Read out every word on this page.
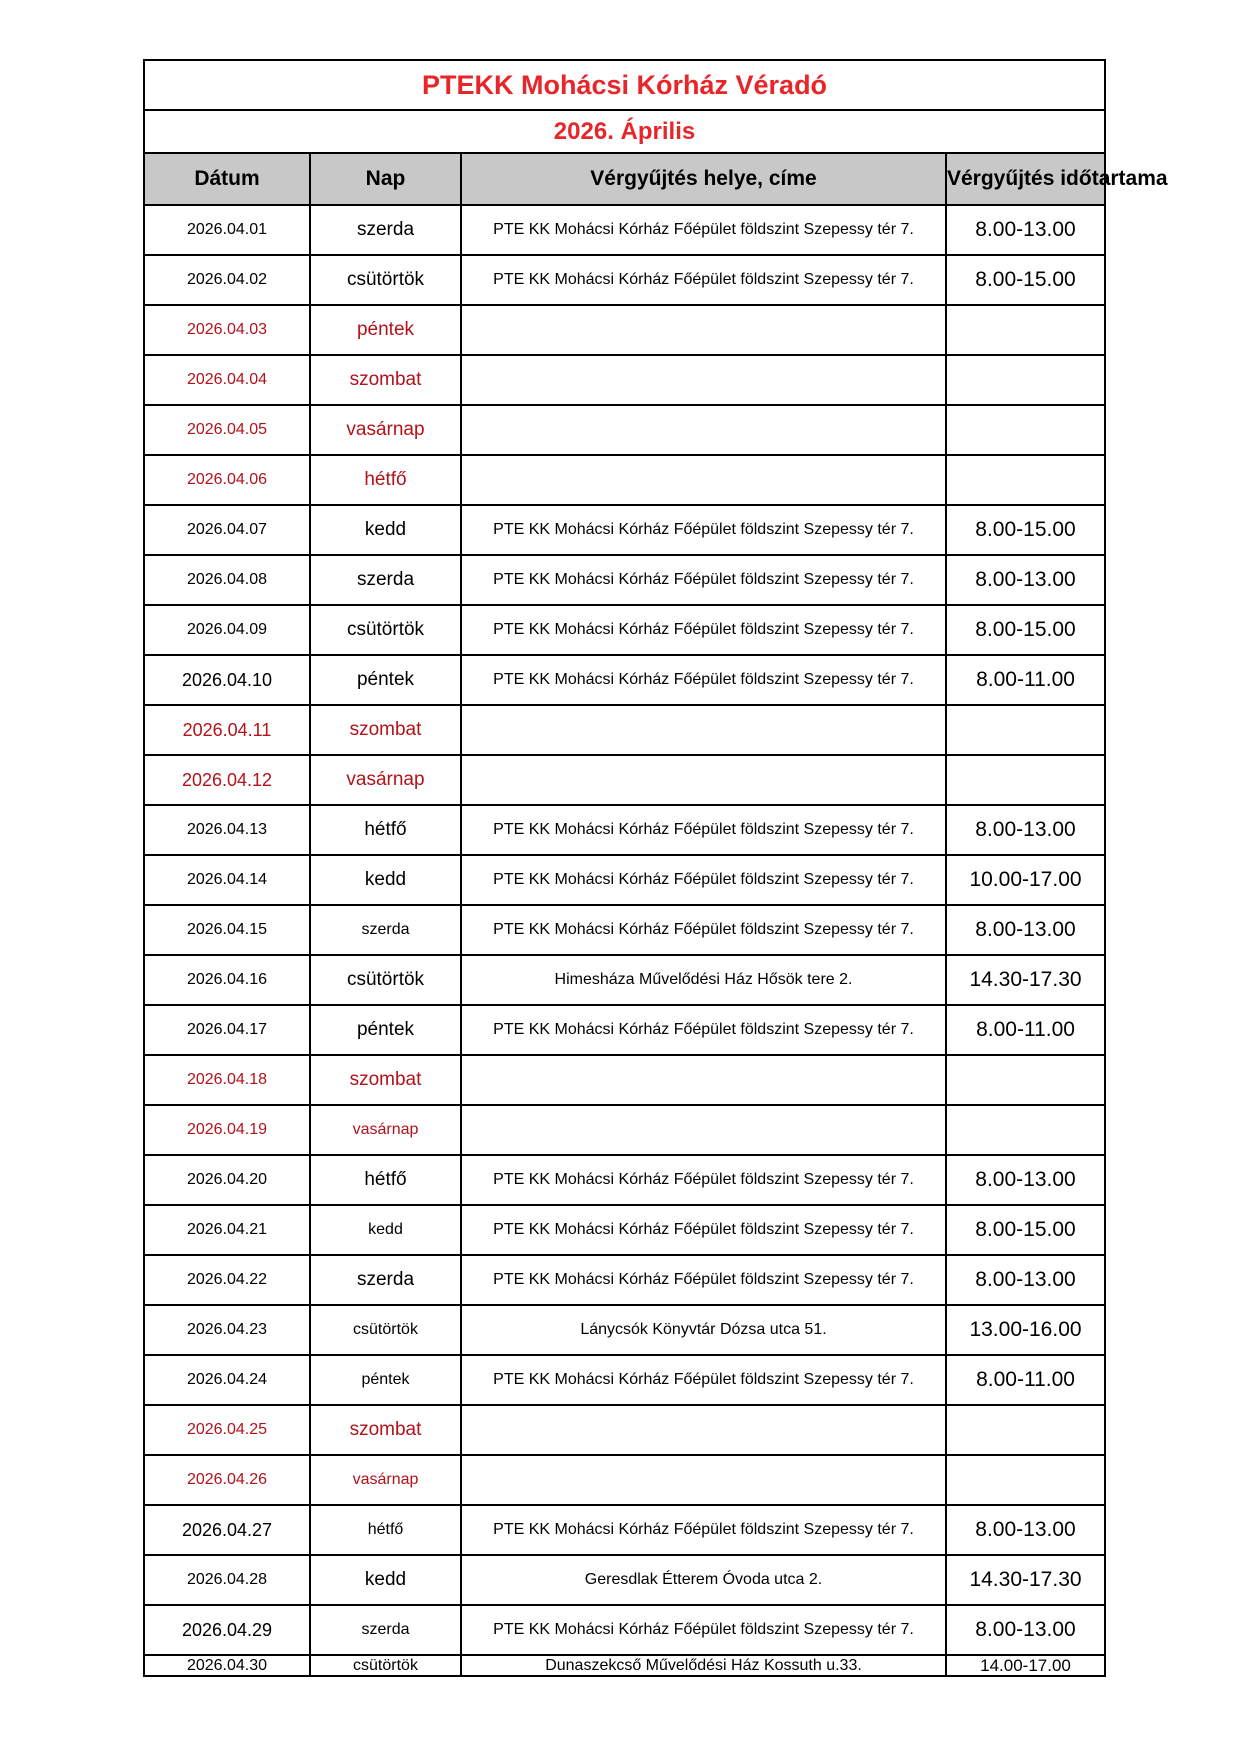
PTEKK Mohácsi Kórház Véradó			
2026. Április			
Dátum	Nap	Vérgyűjtés helye, címe	Vérgyűjtés időtartama
2026.04.01	szerda	PTE KK Mohácsi Kórház Főépület földszint Szepessy tér 7.	8.00-13.00
2026.04.02	csütörtök	PTE KK Mohácsi Kórház Főépület földszint Szepessy tér 7.	8.00-15.00
2026.04.03	péntek		
2026.04.04	szombat		
2026.04.05	vasárnap		
2026.04.06	hétfő		
2026.04.07	kedd	PTE KK Mohácsi Kórház Főépület földszint Szepessy tér 7.	8.00-15.00
2026.04.08	szerda	PTE KK Mohácsi Kórház Főépület földszint Szepessy tér 7.	8.00-13.00
2026.04.09	csütörtök	PTE KK Mohácsi Kórház Főépület földszint Szepessy tér 7.	8.00-15.00
2026.04.10	péntek	PTE KK Mohácsi Kórház Főépület földszint Szepessy tér 7.	8.00-11.00
2026.04.11	szombat		
2026.04.12	vasárnap		
2026.04.13	hétfő	PTE KK Mohácsi Kórház Főépület földszint Szepessy tér 7.	8.00-13.00
2026.04.14	kedd	PTE KK Mohácsi Kórház Főépület földszint Szepessy tér 7.	10.00-17.00
2026.04.15	szerda	PTE KK Mohácsi Kórház Főépület földszint Szepessy tér 7.	8.00-13.00
2026.04.16	csütörtök	Himesháza Művelődési Ház Hősök tere 2.	14.30-17.30
2026.04.17	péntek	PTE KK Mohácsi Kórház Főépület földszint Szepessy tér 7.	8.00-11.00
2026.04.18	szombat		
2026.04.19	vasárnap		
2026.04.20	hétfő	PTE KK Mohácsi Kórház Főépület földszint Szepessy tér 7.	8.00-13.00
2026.04.21	kedd	PTE KK Mohácsi Kórház Főépület földszint Szepessy tér 7.	8.00-15.00
2026.04.22	szerda	PTE KK Mohácsi Kórház Főépület földszint Szepessy tér 7.	8.00-13.00
2026.04.23	csütörtök	Lánycsók Könyvtár Dózsa utca 51.	13.00-16.00
2026.04.24	péntek	PTE KK Mohácsi Kórház Főépület földszint Szepessy tér 7.	8.00-11.00
2026.04.25	szombat		
2026.04.26	vasárnap		
2026.04.27	hétfő	PTE KK Mohácsi Kórház Főépület földszint Szepessy tér 7.	8.00-13.00
2026.04.28	kedd	Geresdlak Étterem Óvoda utca 2.	14.30-17.30
2026.04.29	szerda	PTE KK Mohácsi Kórház Főépület földszint Szepessy tér 7.	8.00-13.00
2026.04.30	csütörtök	Dunaszekcső Művelődési Ház Kossuth u.33.	14.00-17.00
